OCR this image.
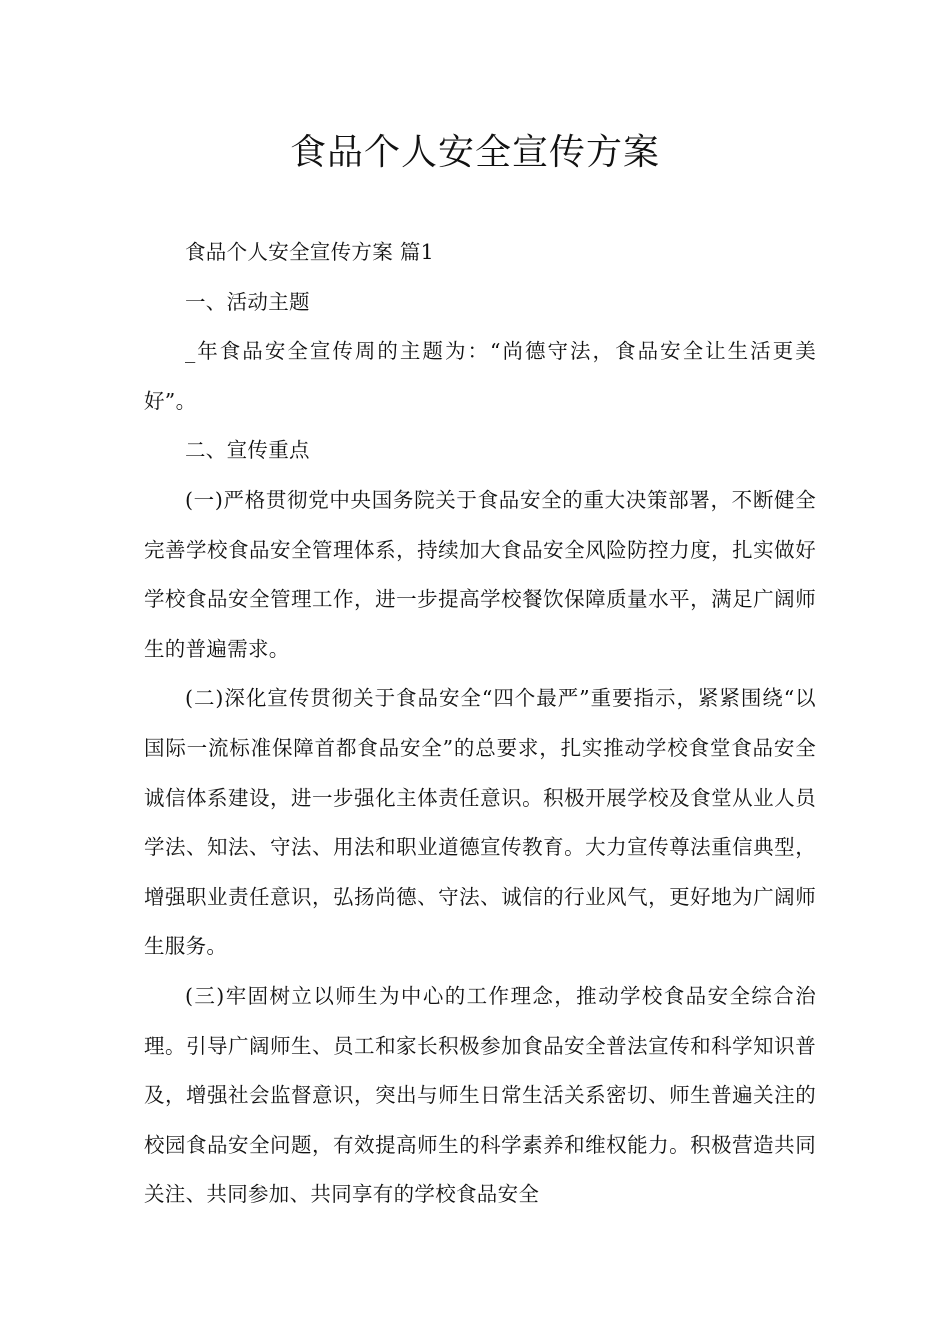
食品个人安全宣传方案

食品个人安全宣传方案 篇1

一、活动主题

_年食品安全宣传周的主题为：“尚德守法，食品安全让生活更美好”。

二、宣传重点

(一)严格贯彻党中央国务院关于食品安全的重大决策部署，不断健全完善学校食品安全管理体系，持续加大食品安全风险防控力度，扎实做好学校食品安全管理工作，进一步提高学校餐饮保障质量水平，满足广阔师生的普遍需求。

(二)深化宣传贯彻关于食品安全“四个最严”重要指示，紧紧围绕“以国际一流标准保障首都食品安全”的总要求，扎实推动学校食堂食品安全诚信体系建设，进一步强化主体责任意识。积极开展学校及食堂从业人员学法、知法、守法、用法和职业道德宣传教育。大力宣传尊法重信典型，增强职业责任意识，弘扬尚德、守法、诚信的行业风气，更好地为广阔师生服务。

(三)牢固树立以师生为中心的工作理念，推动学校食品安全综合治理。引导广阔师生、员工和家长积极参加食品安全普法宣传和科学知识普及，增强社会监督意识，突出与师生日常生活关系密切、师生普遍关注的校园食品安全问题，有效提高师生的科学素养和维权能力。积极营造共同关注、共同参加、共同享有的学校食品安全
